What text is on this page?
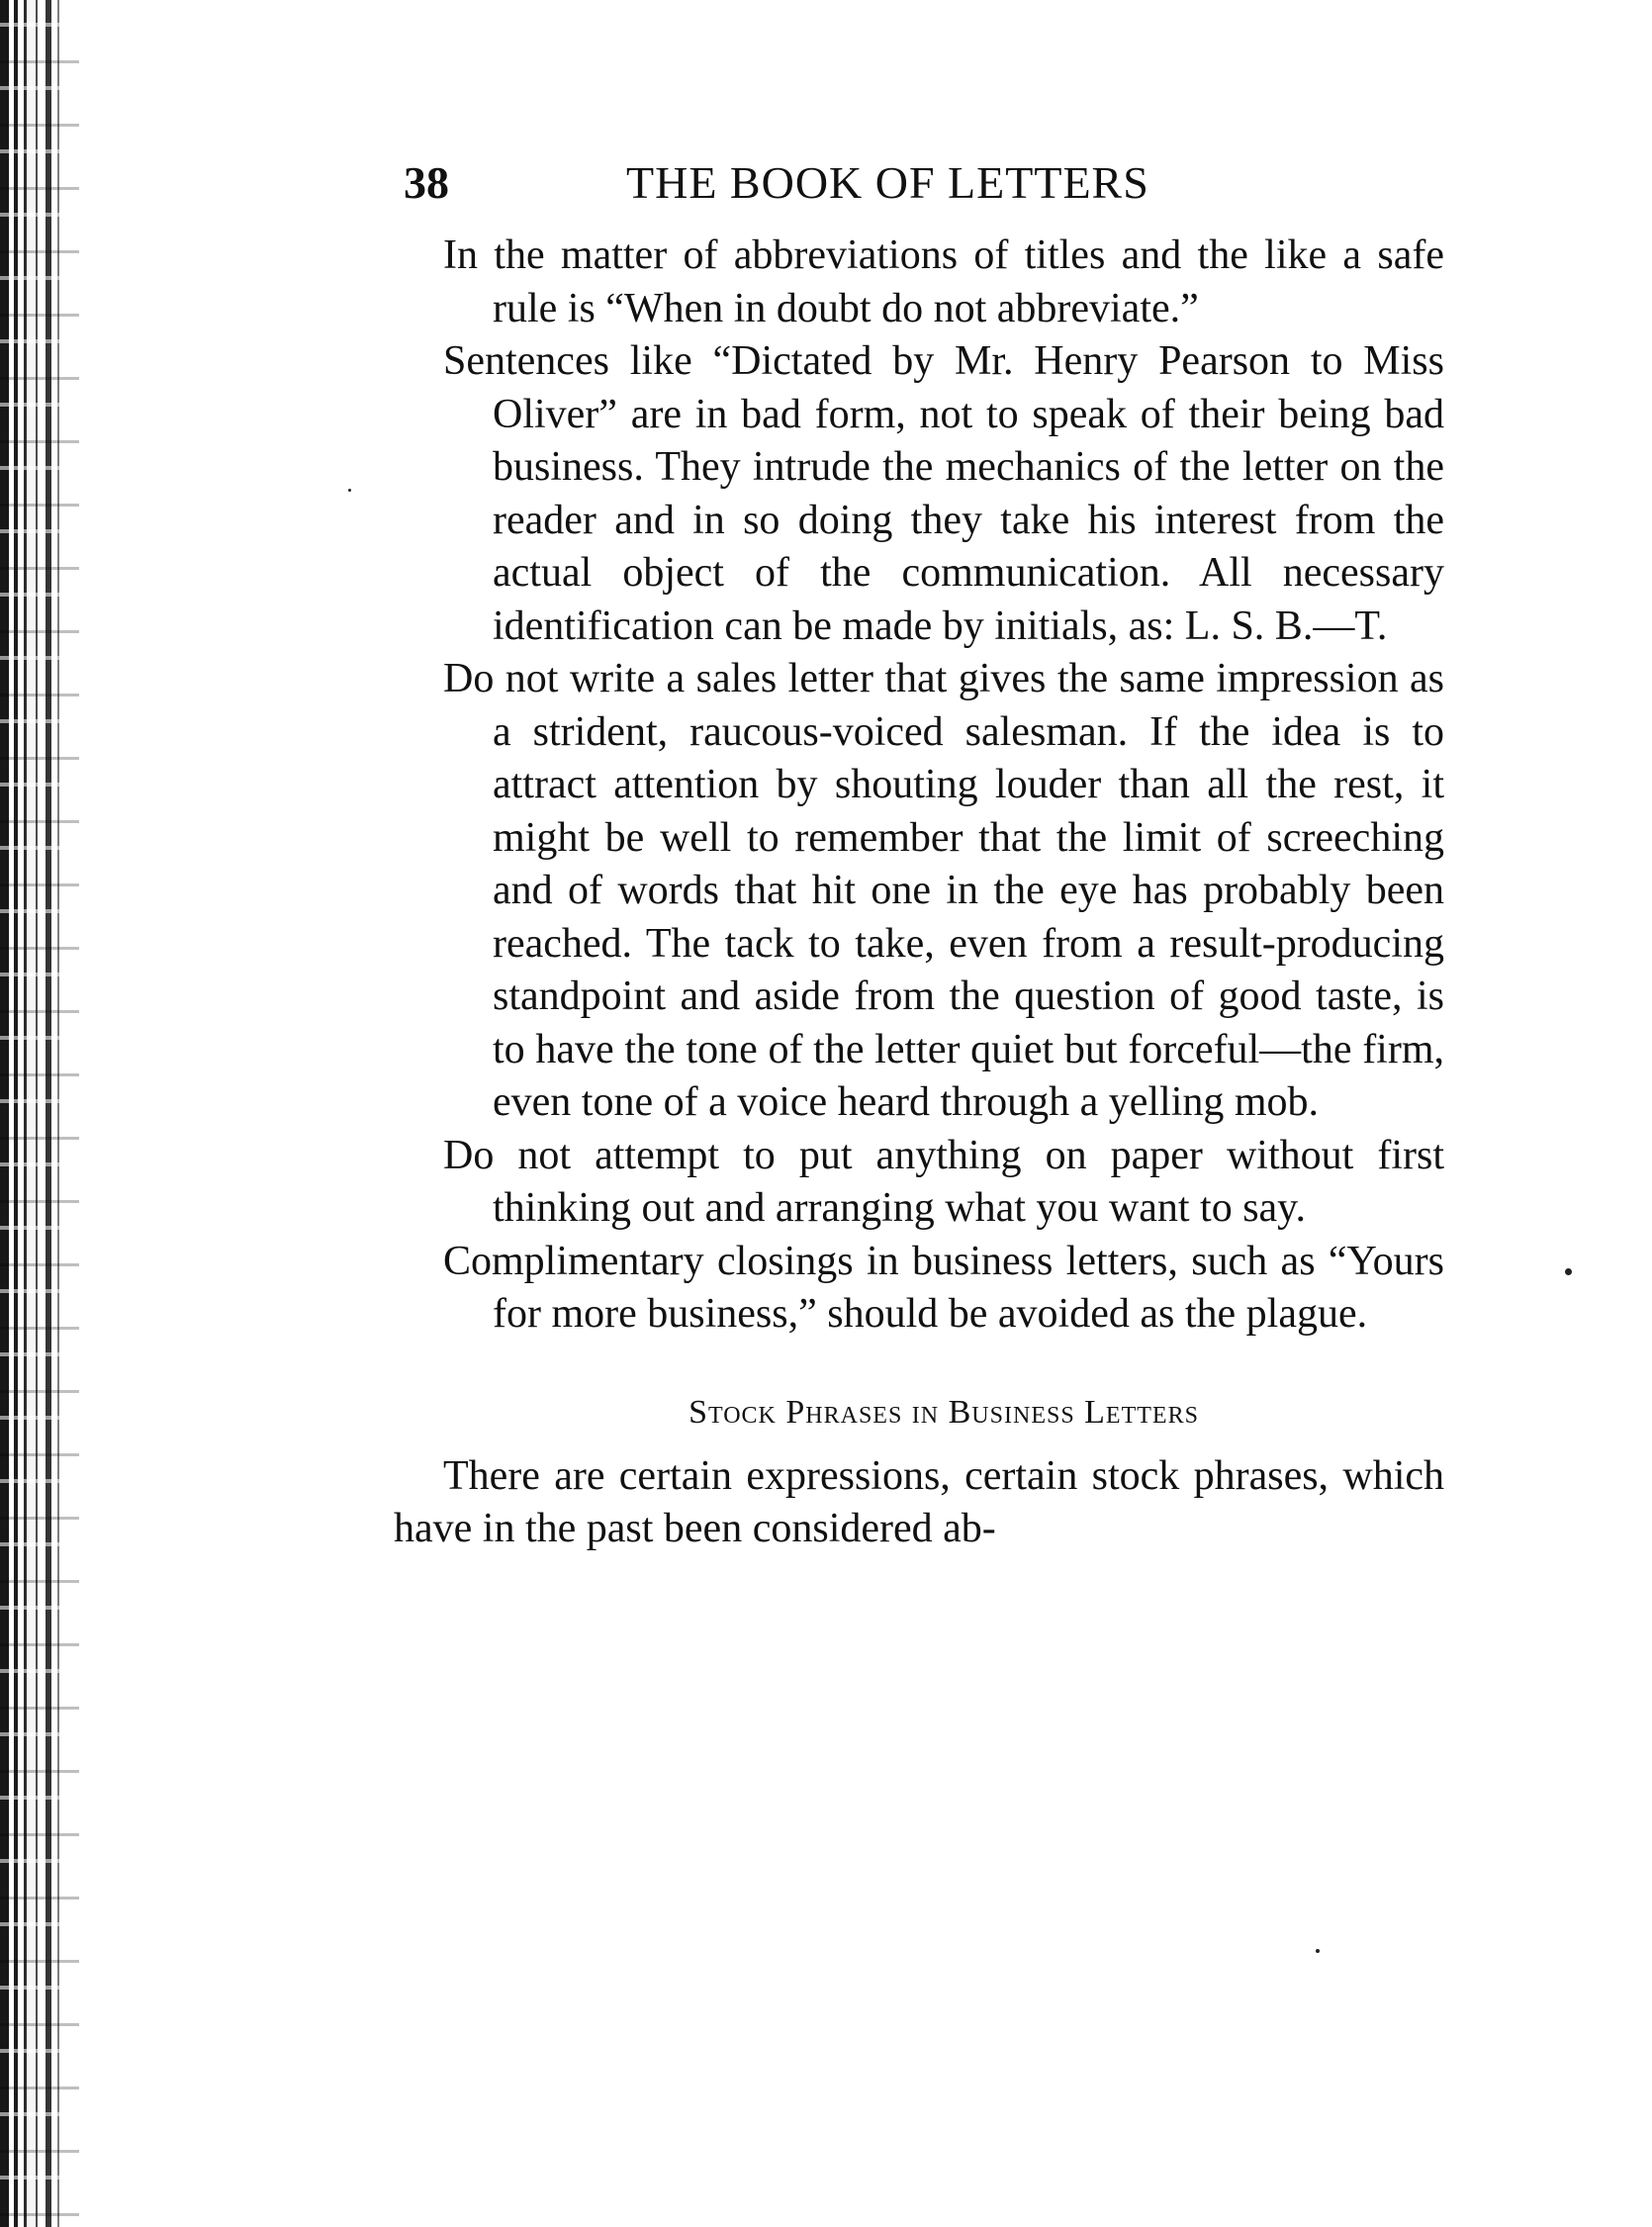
38	THE BOOK OF LETTERS

In the matter of abbreviations of titles and the like a safe rule is “When in doubt do not abbreviate.”

Sentences like “Dictated by Mr. Henry Pearson to Miss Oliver” are in bad form, not to speak of their being bad business. They intrude the mechanics of the letter on the reader and in so doing they take his interest from the actual object of the communication. All necessary identification can be made by initials, as: L. S. B.—T.

Do not write a sales letter that gives the same impression as a strident, raucous-voiced salesman. If the idea is to attract attention by shouting louder than all the rest, it might be well to remember that the limit of screeching and of words that hit one in the eye has probably been reached. The tack to take, even from a result-producing standpoint and aside from the question of good taste, is to have the tone of the letter quiet but forceful—the firm, even tone of a voice heard through a yelling mob.

Do not attempt to put anything on paper without first thinking out and arranging what you want to say.

Complimentary closings in business letters, such as “Yours for more business,” should be avoided as the plague.

Stock Phrases in Business Letters

There are certain expressions, certain stock phrases, which have in the past been considered ab-
